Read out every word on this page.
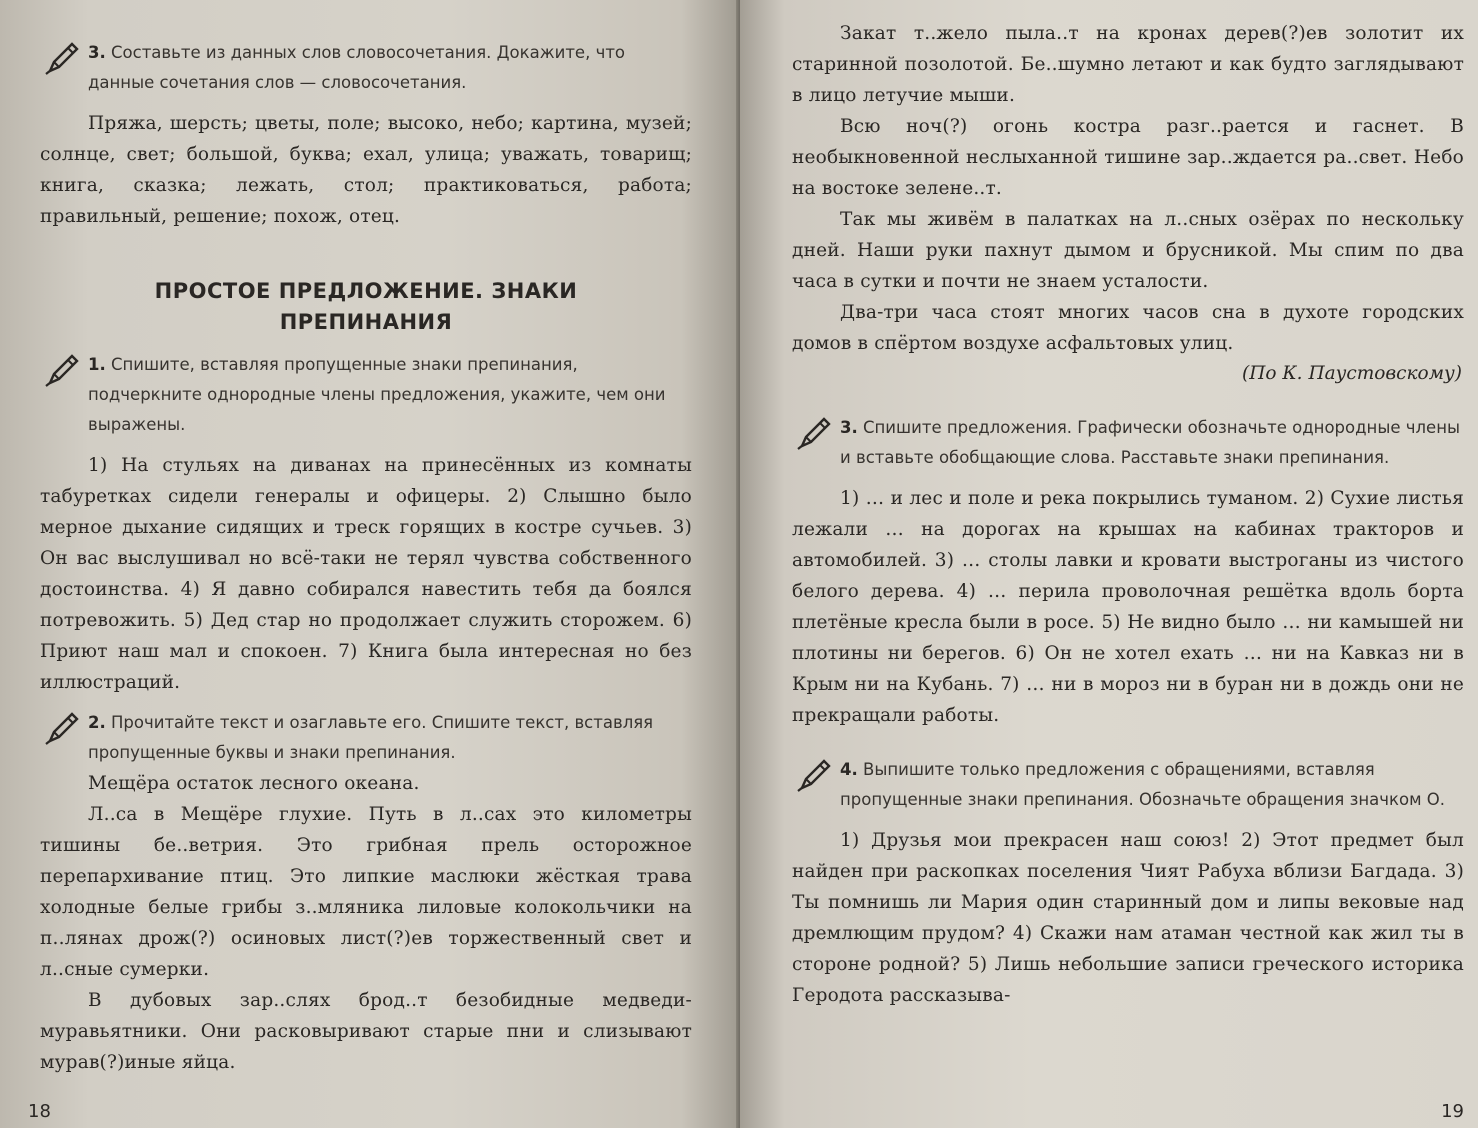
3. Составьте из данных слов словосочетания. Докажите, что данные сочетания слов — словосочетания.

Пряжа, шерсть; цветы, поле; высоко, небо; картина, музей; солнце, свет; большой, буква; ехал, улица; уважать, товарищ; книга, сказка; лежать, стол; практиковаться, работа; правильный, решение; похож, отец.

ПРОСТОЕ ПРЕДЛОЖЕНИЕ. ЗНАКИ
ПРЕПИНАНИЯ
1. Спишите, вставляя пропущенные знаки препинания, подчеркните однородные члены предложения, укажите, чем они выражены.

1) На стульях на диванах на принесённых из комнаты табуретках сидели генералы и офицеры. 2) Слышно было мерное дыхание сидящих и треск горящих в костре сучьев. 3) Он вас выслушивал но всё-таки не терял чувства собственного достоинства. 4) Я давно собирался навестить тебя да боялся потревожить. 5) Дед стар но продолжает служить сторожем. 6) Приют наш мал и спокоен. 7) Книга была интересная но без иллюстраций.

2. Прочитайте текст и озаглавьте его. Спишите текст, вставляя пропущенные буквы и знаки препинания.

Мещёра остаток лесного океана.

Л..са в Мещёре глухие. Путь в л..сах это километры тишины бе..ветрия. Это грибная прель осторожное перепархивание птиц. Это липкие маслюки жёсткая трава холодные белые грибы з..мляника лиловые колокольчики на п..лянах дрож(?) осиновых лист(?)ев торжественный свет и л..сные сумерки.

В дубовых зар..слях брод..т безобидные медведи-муравьятники. Они расковыривают старые пни и слизывают мурав(?)иные яйца.

18

Закат т..жело пыла..т на кронах дерев(?)ев золотит их старинной позолотой. Бе..шумно летают и как будто заглядывают в лицо летучие мыши.

Всю ноч(?) огонь костра разг..рается и гаснет. В необыкновенной неслыханной тишине зар..ждается ра..свет. Небо на востоке зелене..т.

Так мы живём в палатках на л..сных озёрах по нескольку дней. Наши руки пахнут дымом и брусникой. Мы спим по два часа в сутки и почти не знаем усталости.

Два-три часа стоят многих часов сна в духоте городских домов в спёртом воздухе асфальтовых улиц.

(По К. Паустовскому)
3. Спишите предложения. Графически обозначьте однородные члены и вставьте обобщающие слова. Расставьте знаки препинания.

1) … и лес и поле и река покрылись туманом. 2) Сухие листья лежали … на дорогах на крышах на кабинах тракторов и автомобилей. 3) … столы лавки и кровати выстроганы из чистого белого дерева. 4) … перила проволочная решётка вдоль борта плетёные кресла были в росе. 5) Не видно было … ни камышей ни плотины ни берегов. 6) Он не хотел ехать … ни на Кавказ ни в Крым ни на Кубань. 7) … ни в мороз ни в буран ни в дождь они не прекращали работы.

4. Выпишите только предложения с обращениями, вставляя пропущенные знаки препинания. Обозначьте обращения значком О.

1) Друзья мои прекрасен наш союз! 2) Этот предмет был найден при раскопках поселения Чият Рабуха вблизи Багдада. 3) Ты помнишь ли Мария один старинный дом и липы вековые над дремлющим прудом? 4) Скажи нам атаман честной как жил ты в стороне родной? 5) Лишь небольшие записи греческого историка Геродота рассказыва-

19
